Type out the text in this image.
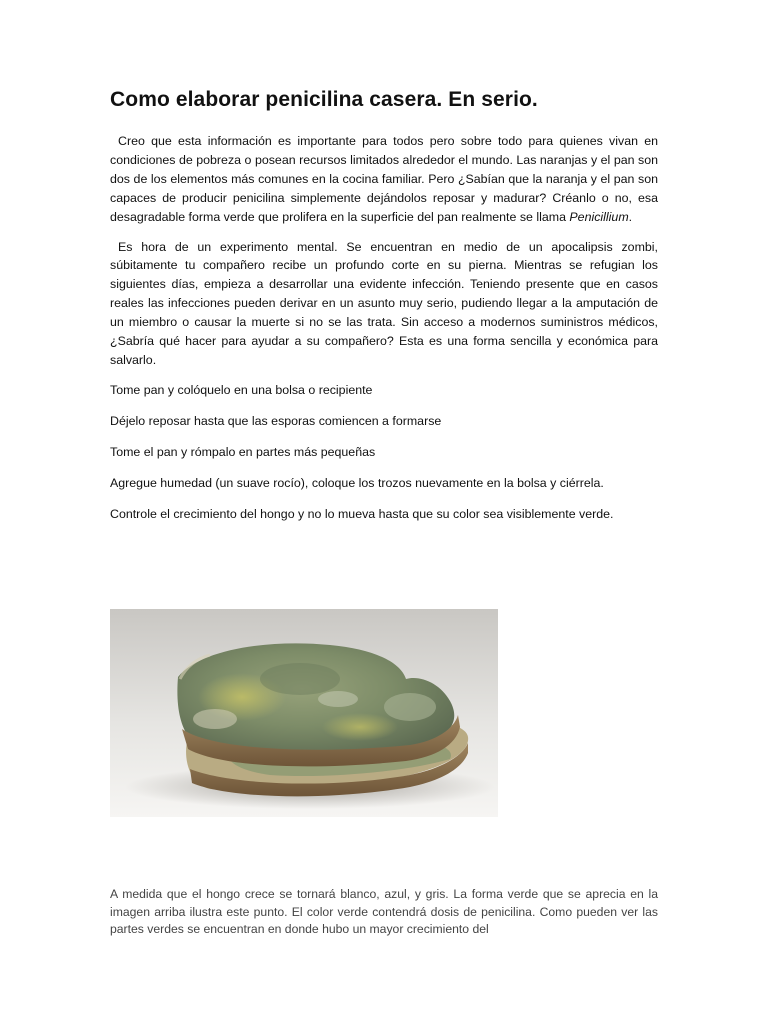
Como elaborar penicilina casera. En serio.

Creo que esta información es importante para todos pero sobre todo para quienes vivan en condiciones de pobreza o posean recursos limitados alrededor el mundo. Las naranjas y el pan son dos de los elementos más comunes en la cocina familiar. Pero ¿Sabían que la naranja y el pan son capaces de producir penicilina simplemente dejándolos reposar y madurar? Créanlo o no, esa desagradable forma verde que prolifera en la superficie del pan realmente se llama Penicillium.

Es hora de un experimento mental. Se encuentran en medio de un apocalipsis zombi, súbitamente tu compañero recibe un profundo corte en su pierna. Mientras se refugian los siguientes días, empieza a desarrollar una evidente infección. Teniendo presente que en casos reales las infecciones pueden derivar en un asunto muy serio, pudiendo llegar a la amputación de un miembro o causar la muerte si no se las trata. Sin acceso a modernos suministros médicos, ¿Sabría qué hacer para ayudar a su compañero? Esta es una forma sencilla y económica para salvarlo.

Tome pan y colóquelo en una bolsa o recipiente

Déjelo reposar hasta que las esporas comiencen a formarse

Tome el pan y rómpalo en partes más pequeñas

Agregue humedad (un suave rocío), coloque los trozos nuevamente en la bolsa y ciérrela.

Controle el crecimiento del hongo y no lo mueva hasta que su color sea visiblemente verde.

A medida que el hongo crece se tornará blanco, azul, y gris. La forma verde que se aprecia en la imagen arriba ilustra este punto. El color verde contendrá dosis de penicilina. Como pueden ver las partes verdes se encuentran en donde hubo un mayor crecimiento del
